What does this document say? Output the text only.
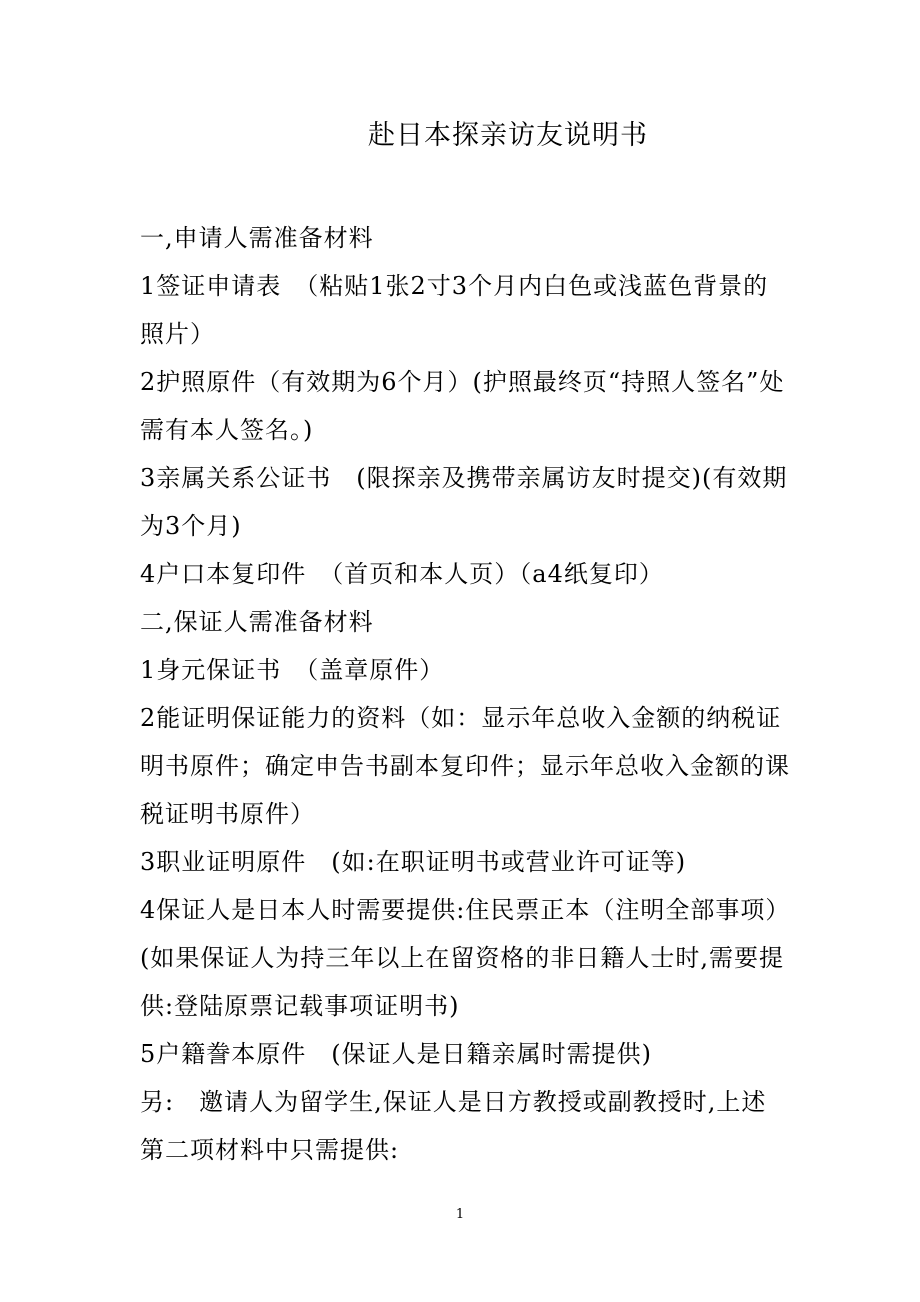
赴日本探亲访友说明书

一,申请人需准备材料

1签证申请表　（粘贴1张2寸3个月内白色或浅蓝色背景的照片）

2护照原件（有效期为6个月）(护照最终页“持照人签名”处需有本人签名。)

3亲属关系公证书　(限探亲及携带亲属访友时提交)(有效期为3个月)

4户口本复印件　（首页和本人页）（a4纸复印）

二,保证人需准备材料

1身元保证书　（盖章原件）

2能证明保证能力的资料（如：显示年总收入金额的纳税证明书原件；确定申告书副本复印件；显示年总收入金额的课税证明书原件）

3职业证明原件　(如:在职证明书或营业许可证等)

4保证人是日本人时需要提供:住民票正本（注明全部事项）(如果保证人为持三年以上在留资格的非日籍人士时,需要提供:登陆原票记载事项证明书)

5户籍誊本原件　(保证人是日籍亲属时需提供)

另:　邀请人为留学生,保证人是日方教授或副教授时,上述第二项材料中只需提供:

1
